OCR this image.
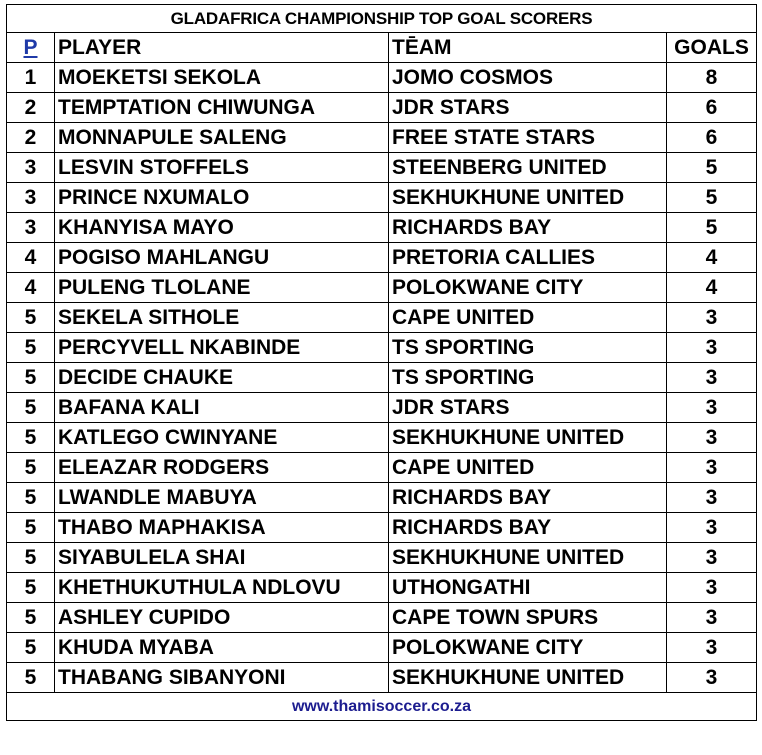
GLADAFRICA CHAMPIONSHIP TOP GOAL SCORERS			
P	PLAYER	TĒAM	GOALS
1	MOEKETSI SEKOLA	JOMO COSMOS	8
2	TEMPTATION CHIWUNGA	JDR STARS	6
2	MONNAPULE SALENG	FREE STATE STARS	6
3	LESVIN STOFFELS	STEENBERG UNITED	5
3	PRINCE NXUMALO	SEKHUKHUNE UNITED	5
3	KHANYISA MAYO	RICHARDS BAY	5
4	POGISO MAHLANGU	PRETORIA CALLIES	4
4	PULENG TLOLANE	POLOKWANE CITY	4
5	SEKELA SITHOLE	CAPE UNITED	3
5	PERCYVELL NKABINDE	TS SPORTING	3
5	DECIDE CHAUKE	TS SPORTING	3
5	BAFANA KALI	JDR STARS	3
5	KATLEGO CWINYANE	SEKHUKHUNE UNITED	3
5	ELEAZAR RODGERS	CAPE UNITED	3
5	LWANDLE MABUYA	RICHARDS BAY	3
5	THABO MAPHAKISA	RICHARDS BAY	3
5	SIYABULELA SHAI	SEKHUKHUNE UNITED	3
5	KHETHUKUTHULA NDLOVU	UTHONGATHI	3
5	ASHLEY CUPIDO	CAPE TOWN SPURS	3
5	KHUDA MYABA	POLOKWANE CITY	3
5	THABANG SIBANYONI	SEKHUKHUNE UNITED	3
www.thamisoccer.co.za			
